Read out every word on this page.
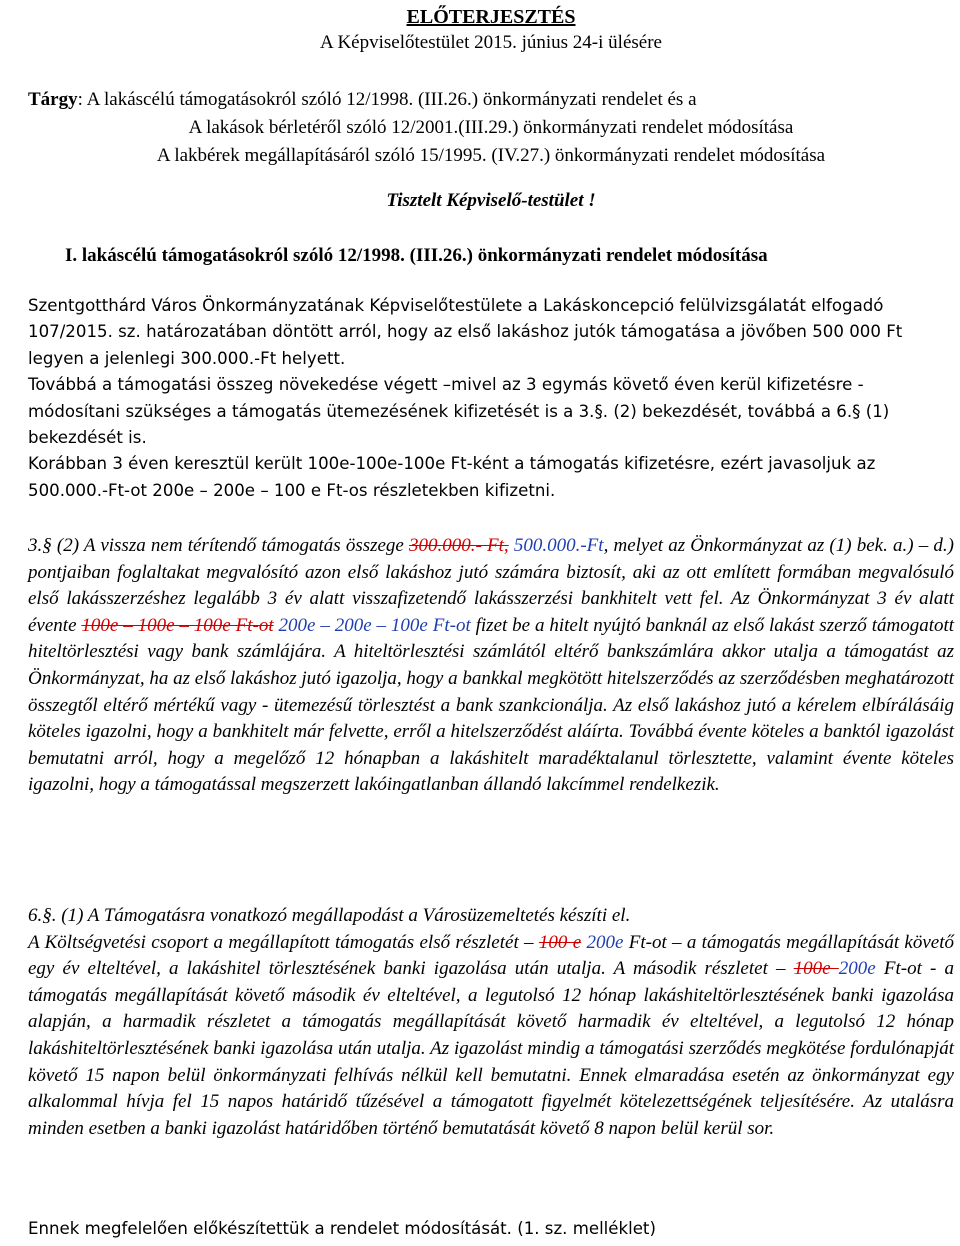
ELŐTERJESZTÉS
A Képviselőtestület 2015. június 24-i ülésére
Tárgy: A lakáscélú támogatásokról szóló 12/1998. (III.26.) önkormányzati rendelet és a
A lakások bérletéről szóló 12/2001.(III.29.) önkormányzati rendelet módosítása
A lakbérek megállapításáról szóló 15/1995. (IV.27.) önkormányzati rendelet módosítása
Tisztelt Képviselő-testület !
I. lakáscélú támogatásokról szóló 12/1998. (III.26.) önkormányzati rendelet módosítása

Szentgotthárd Város Önkormányzatának Képviselőtestülete a Lakáskoncepció felülvizsgálatát elfogadó 107/2015. sz. határozatában döntött arról, hogy az első lakáshoz jutók támogatása a jövőben 500 000 Ft legyen a jelenlegi 300.000.-Ft helyett.

Továbbá a támogatási összeg növekedése végett –mivel az 3 egymás követő éven kerül kifizetésre - módosítani szükséges a támogatás ütemezésének kifizetését is a 3.§. (2) bekezdését, továbbá a 6.§ (1) bekezdését is.

Korábban 3 éven keresztül került 100e-100e-100e Ft-ként a támogatás kifizetésre, ezért javasoljuk az 500.000.-Ft-ot 200e – 200e – 100 e Ft-os részletekben kifizetni.

3.§ (2) A vissza nem térítendő támogatás összege 300.000.- Ft, 500.000.-Ft, melyet az Önkormányzat az (1) bek. a.) – d.) pontjaiban foglaltakat megvalósító azon első lakáshoz jutó számára biztosít, aki az ott említett formában megvalósuló első lakásszerzéshez legalább 3 év alatt visszafizetendő lakásszerzési bankhitelt vett fel. Az Önkormányzat 3 év alatt évente 100e – 100e – 100e Ft-ot 200e – 200e – 100e Ft-ot fizet be a hitelt nyújtó banknál az első lakást szerző támogatott hiteltörlesztési vagy bank számlájára. A hiteltörlesztési számlától eltérő bankszámlára akkor utalja a támogatást az Önkormányzat, ha az első lakáshoz jutó igazolja, hogy a bankkal megkötött hitelszerződés az szerződésben meghatározott összegtől eltérő mértékű vagy - ütemezésű törlesztést a bank szankcionálja. Az első lakáshoz jutó a kérelem elbírálásáig köteles igazolni, hogy a bankhitelt már felvette, erről a hitelszerződést aláírta. Továbbá évente köteles a banktól igazolást bemutatni arról, hogy a megelőző 12 hónapban a lakáshitelt maradéktalanul törlesztette, valamint évente köteles igazolni, hogy a támogatással megszerzett lakóingatlanban állandó lakcímmel rendelkezik.

6.§. (1) A Támogatásra vonatkozó megállapodást a Városüzemeltetés készíti el.

A Költségvetési csoport a megállapított támogatás első részletét – 100 e 200e Ft-ot – a támogatás megállapítását követő egy év elteltével, a lakáshitel törlesztésének banki igazolása után utalja. A második részletet – 100e 200e Ft-ot - a támogatás megállapítását követő második év elteltével, a legutolsó 12 hónap lakáshiteltörlesztésének banki igazolása alapján, a harmadik részletet a támogatás megállapítását követő harmadik év elteltével, a legutolsó 12 hónap lakáshiteltörlesztésének banki igazolása után utalja. Az igazolást mindig a támogatási szerződés megkötése fordulónapját követő 15 napon belül önkormányzati felhívás nélkül kell bemutatni. Ennek elmaradása esetén az önkormányzat egy alkalommal hívja fel 15 napos határidő tűzésével a támogatott figyelmét kötelezettségének teljesítésére. Az utalásra minden esetben a banki igazolást határidőben történő bemutatását követő 8 napon belül kerül sor.

Ennek megfelelően előkészítettük a rendelet módosítását. (1. sz. melléklet)
